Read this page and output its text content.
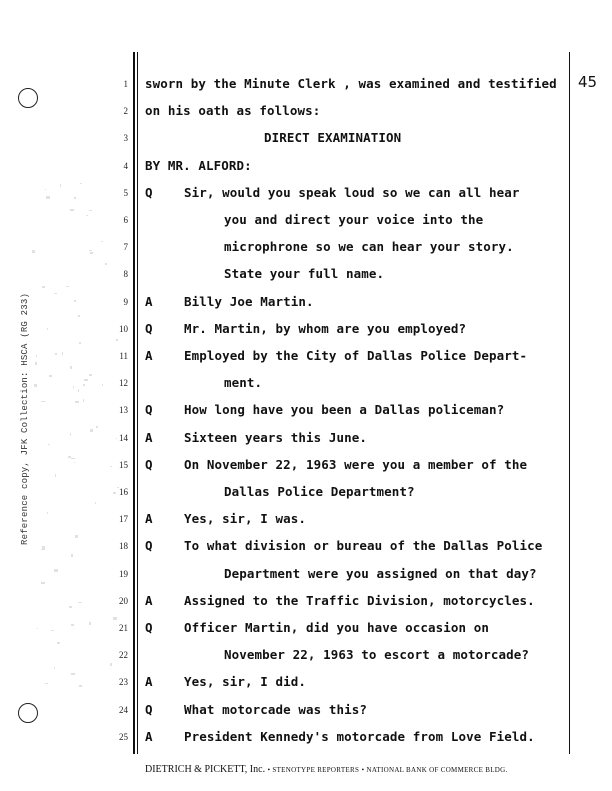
Reference copy, JFK Collection: HSCA (RG 233)
45
1 sworn by the Minute Clerk , was examined and testified
2 on his oath as follows:
3	DIRECT EXAMINATION
4 BY MR. ALFORD:
5 Q	Sir, would you speak loud so we can all hear
6	you and direct your voice into the
7	microphrone so we can hear your story.
8	State your full name.
9 A	Billy Joe Martin.
10 Q	Mr. Martin, by whom are you employed?
11 A	Employed by the City of Dallas Police Depart-
12	ment.
13 Q	How long have you been a Dallas policeman?
14 A	Sixteen years this June.
15 Q	On November 22, 1963 were you a member of the
16	Dallas Police Department?
17 A	Yes, sir, I was.
18 Q	To what division or bureau of the Dallas Police
19	Department were you assigned on that day?
20 A	Assigned to the Traffic Division, motorcycles.
21 Q	Officer Martin, did you have occasion on
22	November 22, 1963 to escort a motorcade?
23 A	Yes, sir, I did.
24 Q	What motorcade was this?
25 A	President Kennedy's motorcade from Love Field.
DIETRICH & PICKETT, Inc. • STENOTYPE REPORTERS • NATIONAL BANK OF COMMERCE BLDG.
